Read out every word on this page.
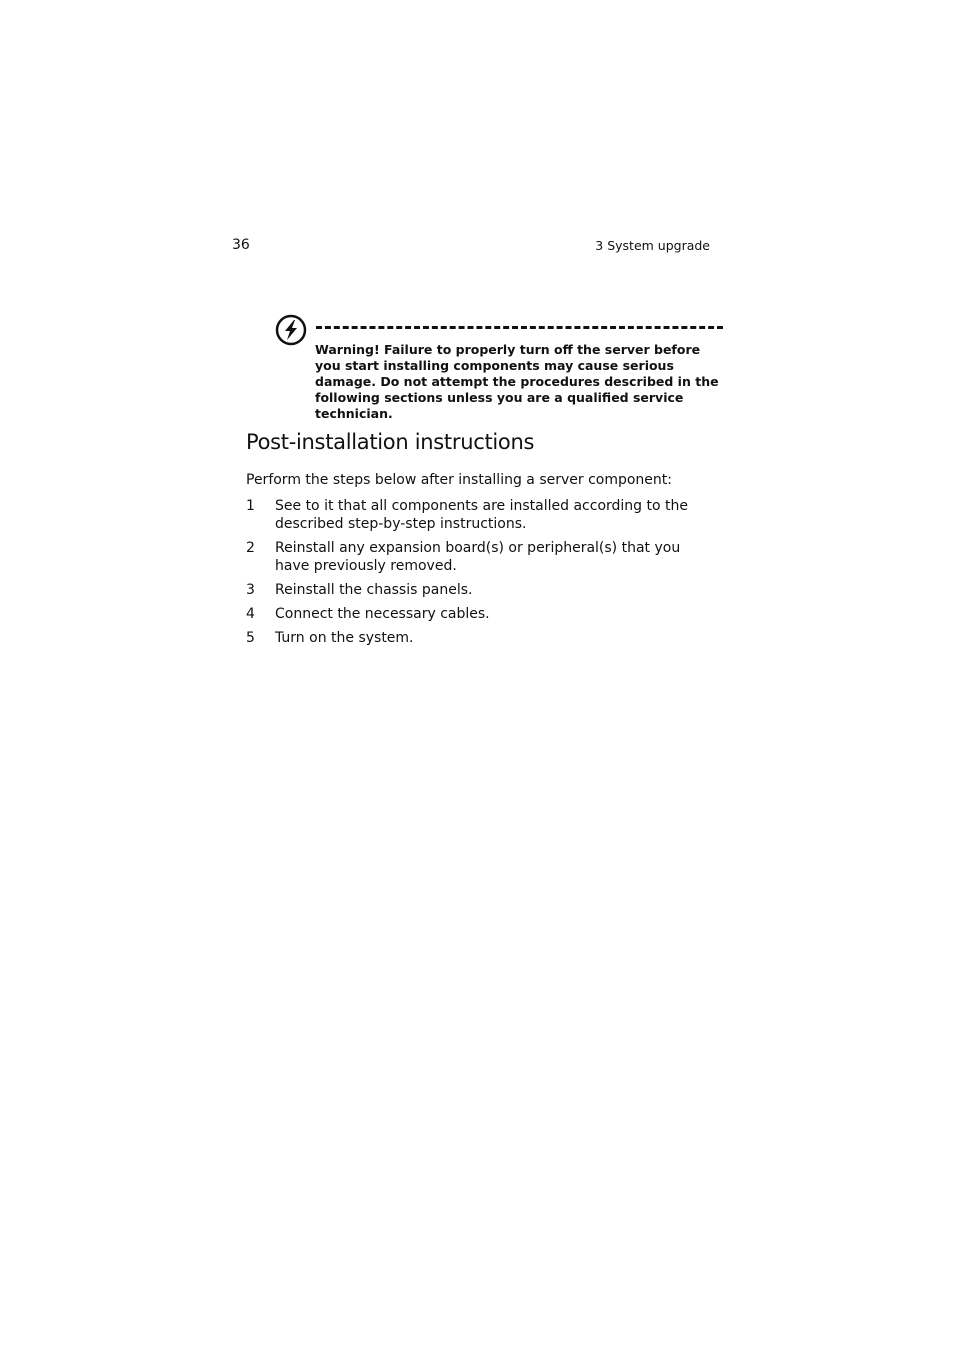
36	3 System upgrade
Warning! Failure to properly turn off the server before you start installing components may cause serious damage. Do not attempt the procedures described in the following sections unless you are a qualified service technician.
Post-installation instructions

Perform the steps below after installing a server component:

1 See to it that all components are installed according to the described step-by-step instructions.
2 Reinstall any expansion board(s) or peripheral(s) that you have previously removed.
3 Reinstall the chassis panels.
4 Connect the necessary cables.
5 Turn on the system.
